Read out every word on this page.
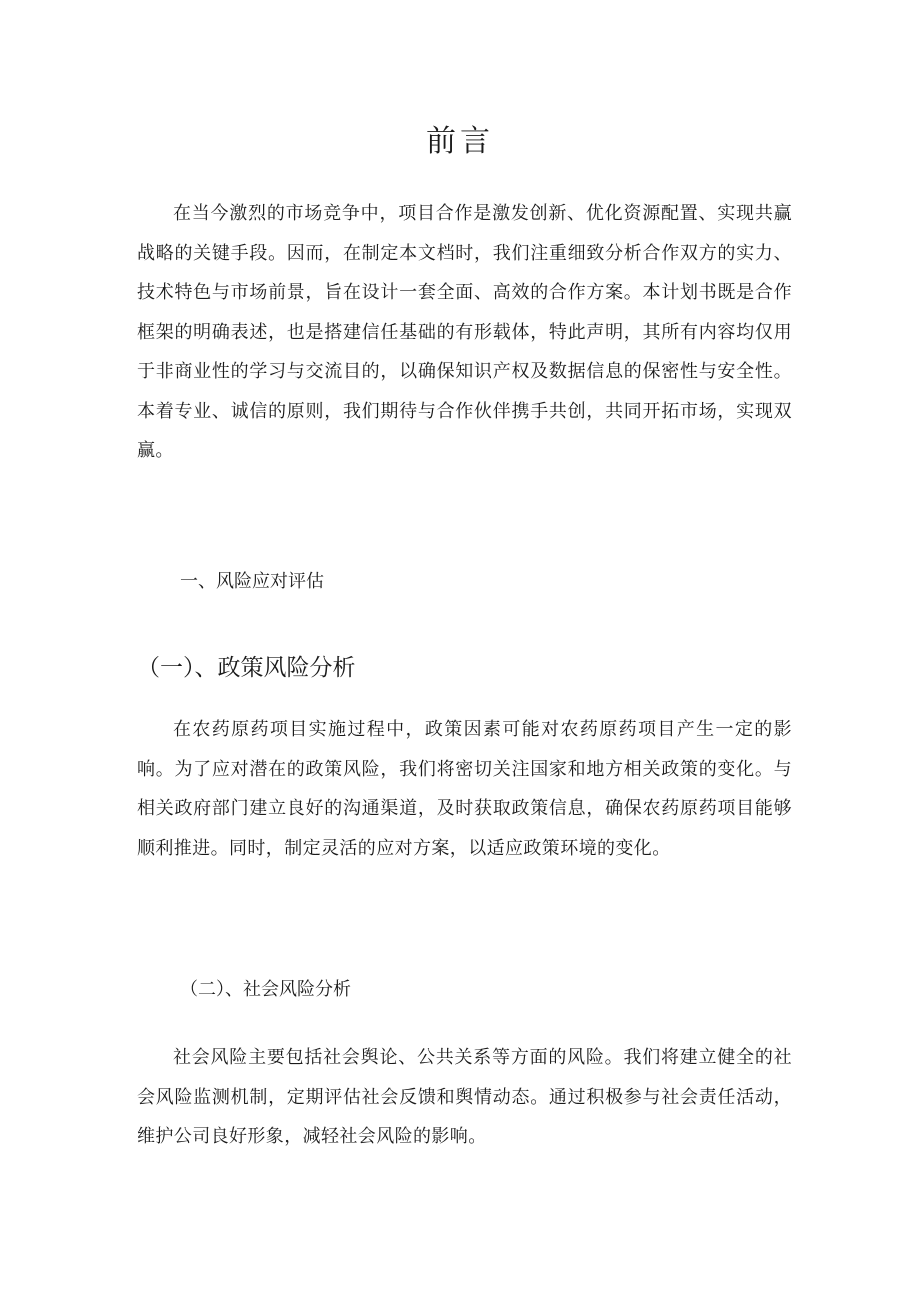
前言

在当今激烈的市场竞争中，项目合作是激发创新、优化资源配置、实现共赢战略的关键手段。因而，在制定本文档时，我们注重细致分析合作双方的实力、技术特色与市场前景，旨在设计一套全面、高效的合作方案。本计划书既是合作框架的明确表述，也是搭建信任基础的有形载体，特此声明，其所有内容均仅用于非商业性的学习与交流目的，以确保知识产权及数据信息的保密性与安全性。本着专业、诚信的原则，我们期待与合作伙伴携手共创，共同开拓市场，实现双赢。

一、风险应对评估
（一）、政策风险分析

在农药原药项目实施过程中，政策因素可能对农药原药项目产生一定的影响。为了应对潜在的政策风险，我们将密切关注国家和地方相关政策的变化。与相关政府部门建立良好的沟通渠道，及时获取政策信息，确保农药原药项目能够顺利推进。同时，制定灵活的应对方案，以适应政策环境的变化。

（二）、社会风险分析

社会风险主要包括社会舆论、公共关系等方面的风险。我们将建立健全的社会风险监测机制，定期评估社会反馈和舆情动态。通过积极参与社会责任活动，维护公司良好形象，减轻社会风险的影响。
